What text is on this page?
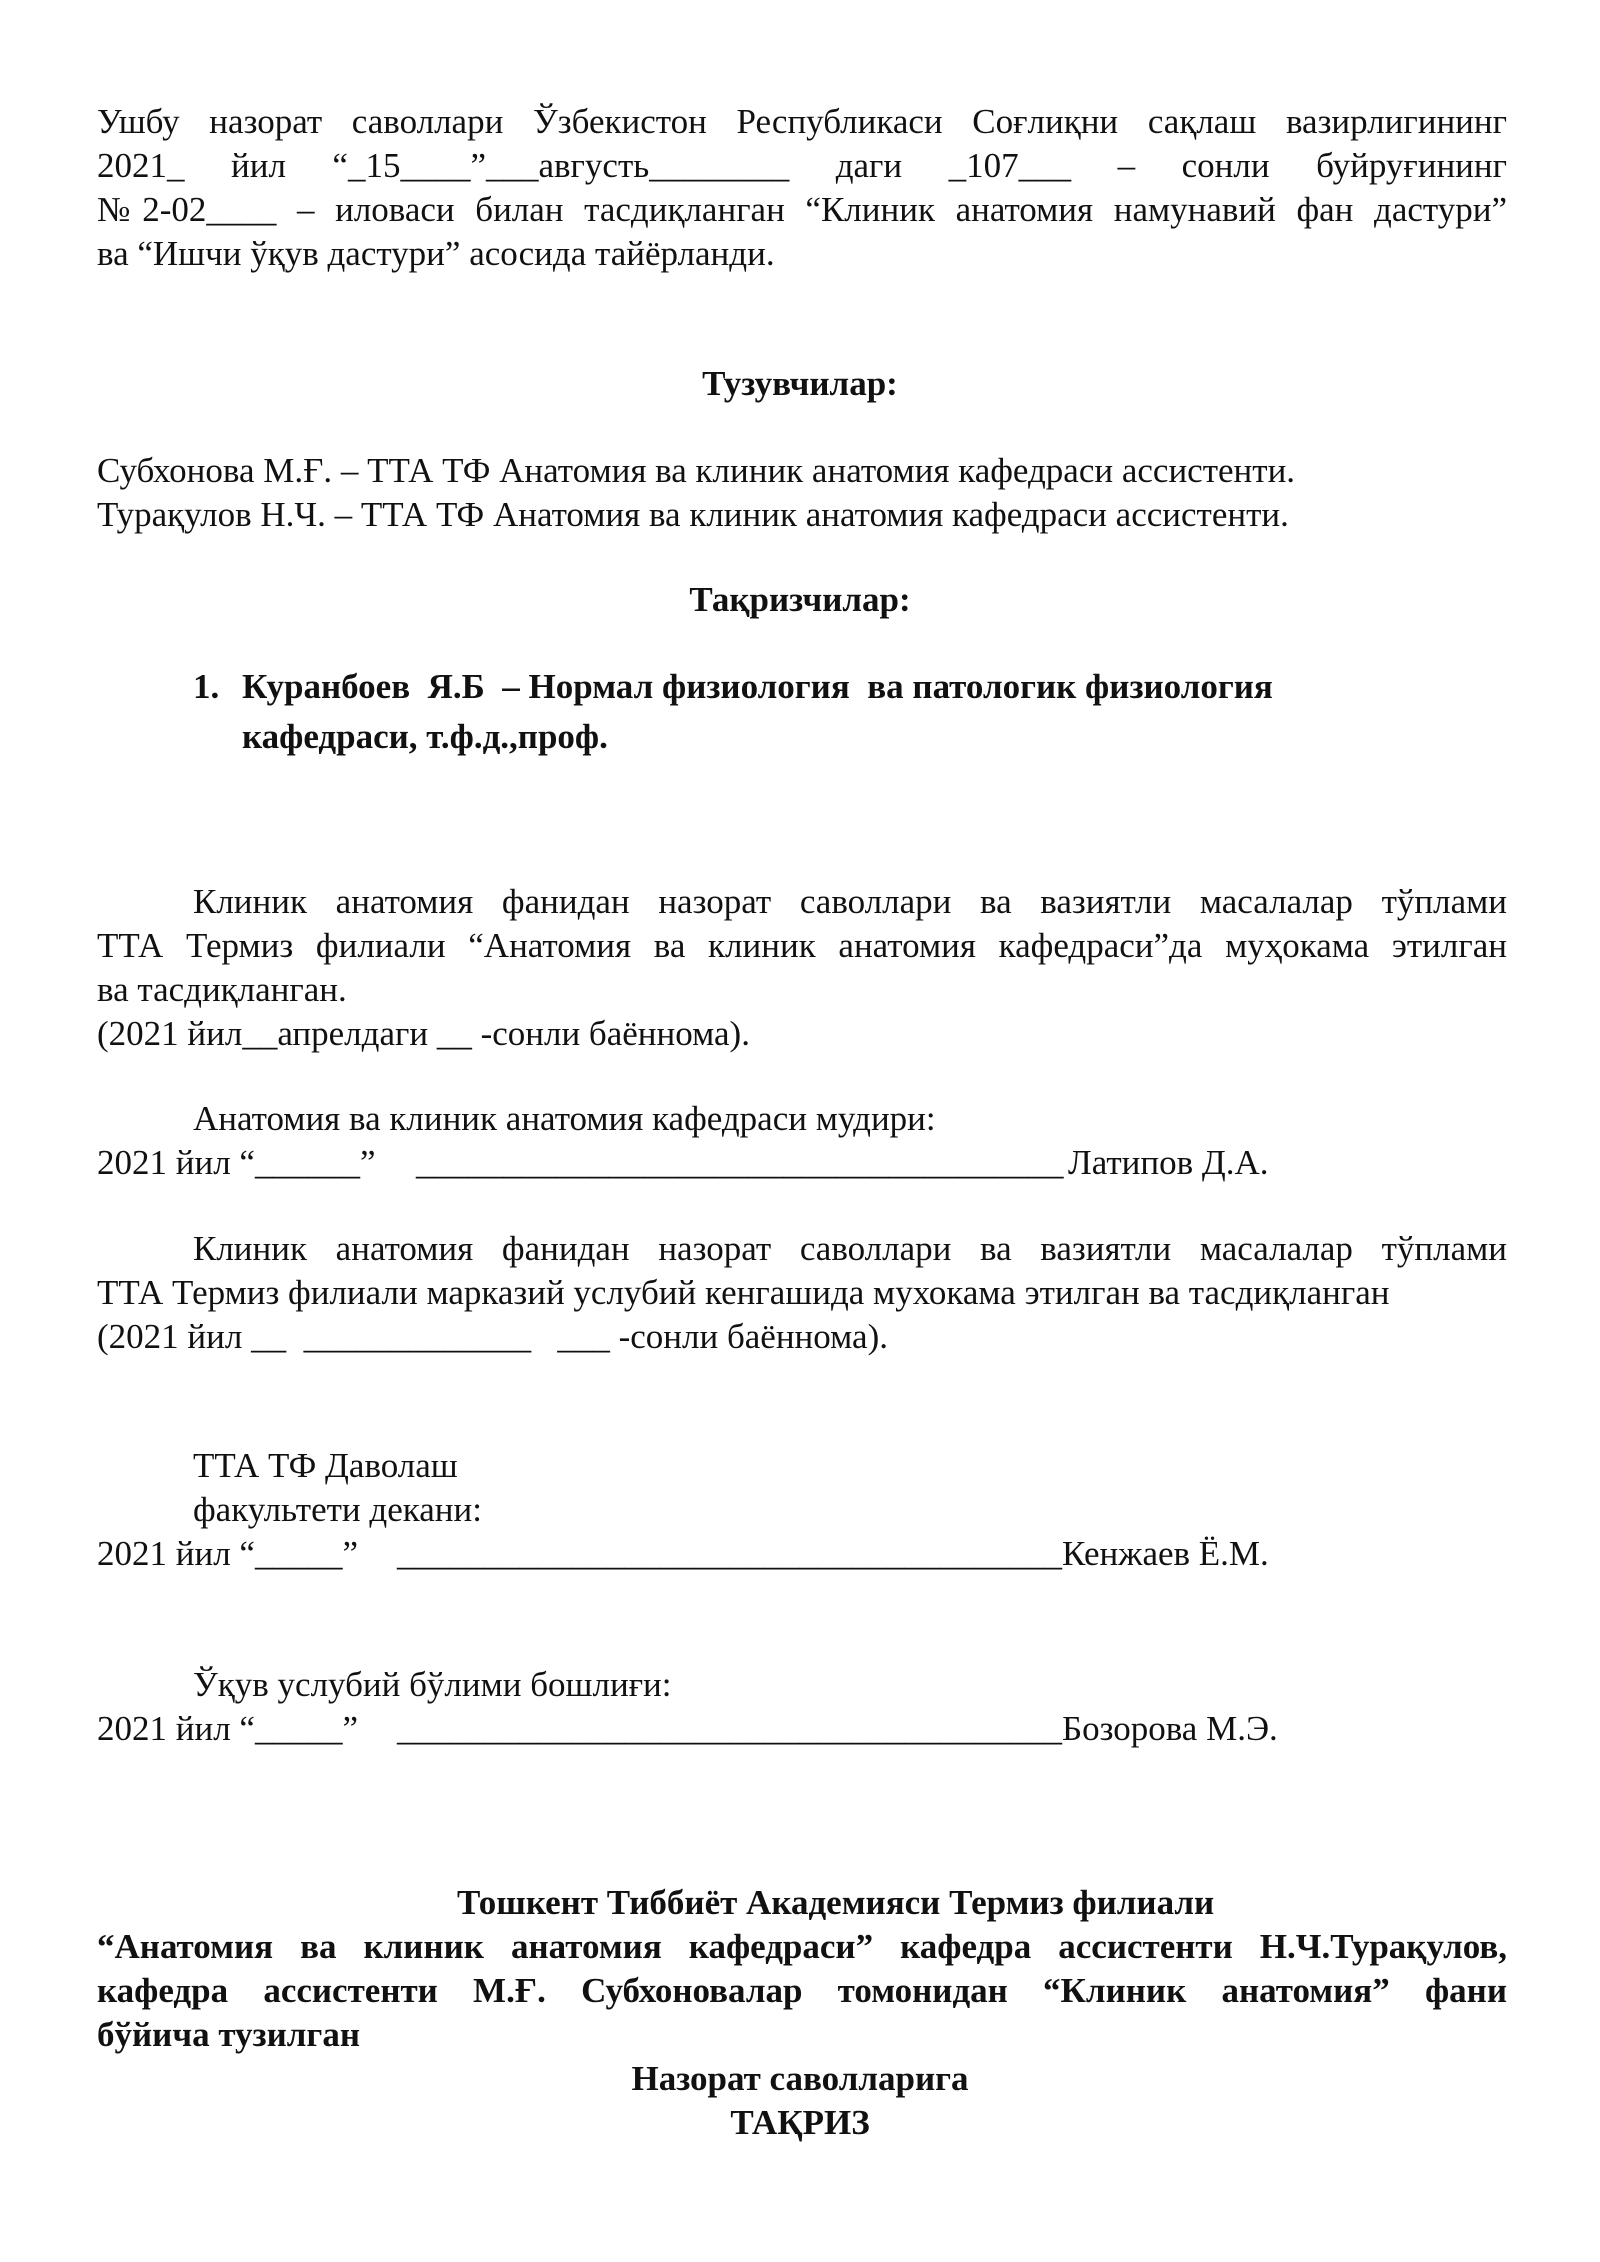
Ушбу назорат саволлари Ўзбекистон Республикаси Соғлиқни сақлаш вазирлигининг
2021_ йил “_15____”___августь________ даги _107___ – сонли буйруғининг
№2-02____ – иловаси билан тасдиқланган “Клиник анатомия намунавий фан дастури”
ва “Ишчи ўқув дастури” асосида тайёрланди.
Тузувчилар:
Субхонова М.Ғ. – ТТА ТФ Анатомия ва клиник анатомия кафедраси ассистенти.
Турақулов Н.Ч. – ТТА ТФ Анатомия ва клиник анатомия кафедраси ассистенти.
Тақризчилар:
1. Куранбоев  Я.Б  – Нормал физиология  ва патологик физиология
кафедраси, т.ф.д.,проф.
Клиник анатомия фанидан назорат саволлари ва вазиятли масалалар тўплами
ТТА Термиз филиали “Анатомия ва клиник анатомия кафедраси”да муҳокама этилган
ва тасдиқланган.
(2021 йил__апрелдаги __ -сонли баённома).
Анатомия ва клиник анатомия кафедраси мудири:
2021 йил “______” _____________________________________ Латипов Д.А.
Клиник анатомия фанидан назорат саволлари ва вазиятли масалалар тўплами
ТТА Термиз филиали марказий услубий кенгашида мухокама этилган ва тасдиқланган
(2021 йил __  _____________   ___ -сонли баённома).
ТТА ТФ Даволаш
факультети декани:
2021 йил “_____” ______________________________________ Кенжаев Ё.М.
Ўқув услубий бўлими бошлиғи:
2021 йил “_____” ______________________________________ Бозорова М.Э.
Тошкент Тиббиёт Академияси Термиз филиали
“Анатомия ва клиник анатомия кафедраси” кафедра ассистенти Н.Ч.Турақулов,
кафедра ассистенти М.Ғ. Субхоновалар томонидан “Клиник анатомия” фани
бўйича тузилган
Назорат саволларига
ТАҚРИЗ
